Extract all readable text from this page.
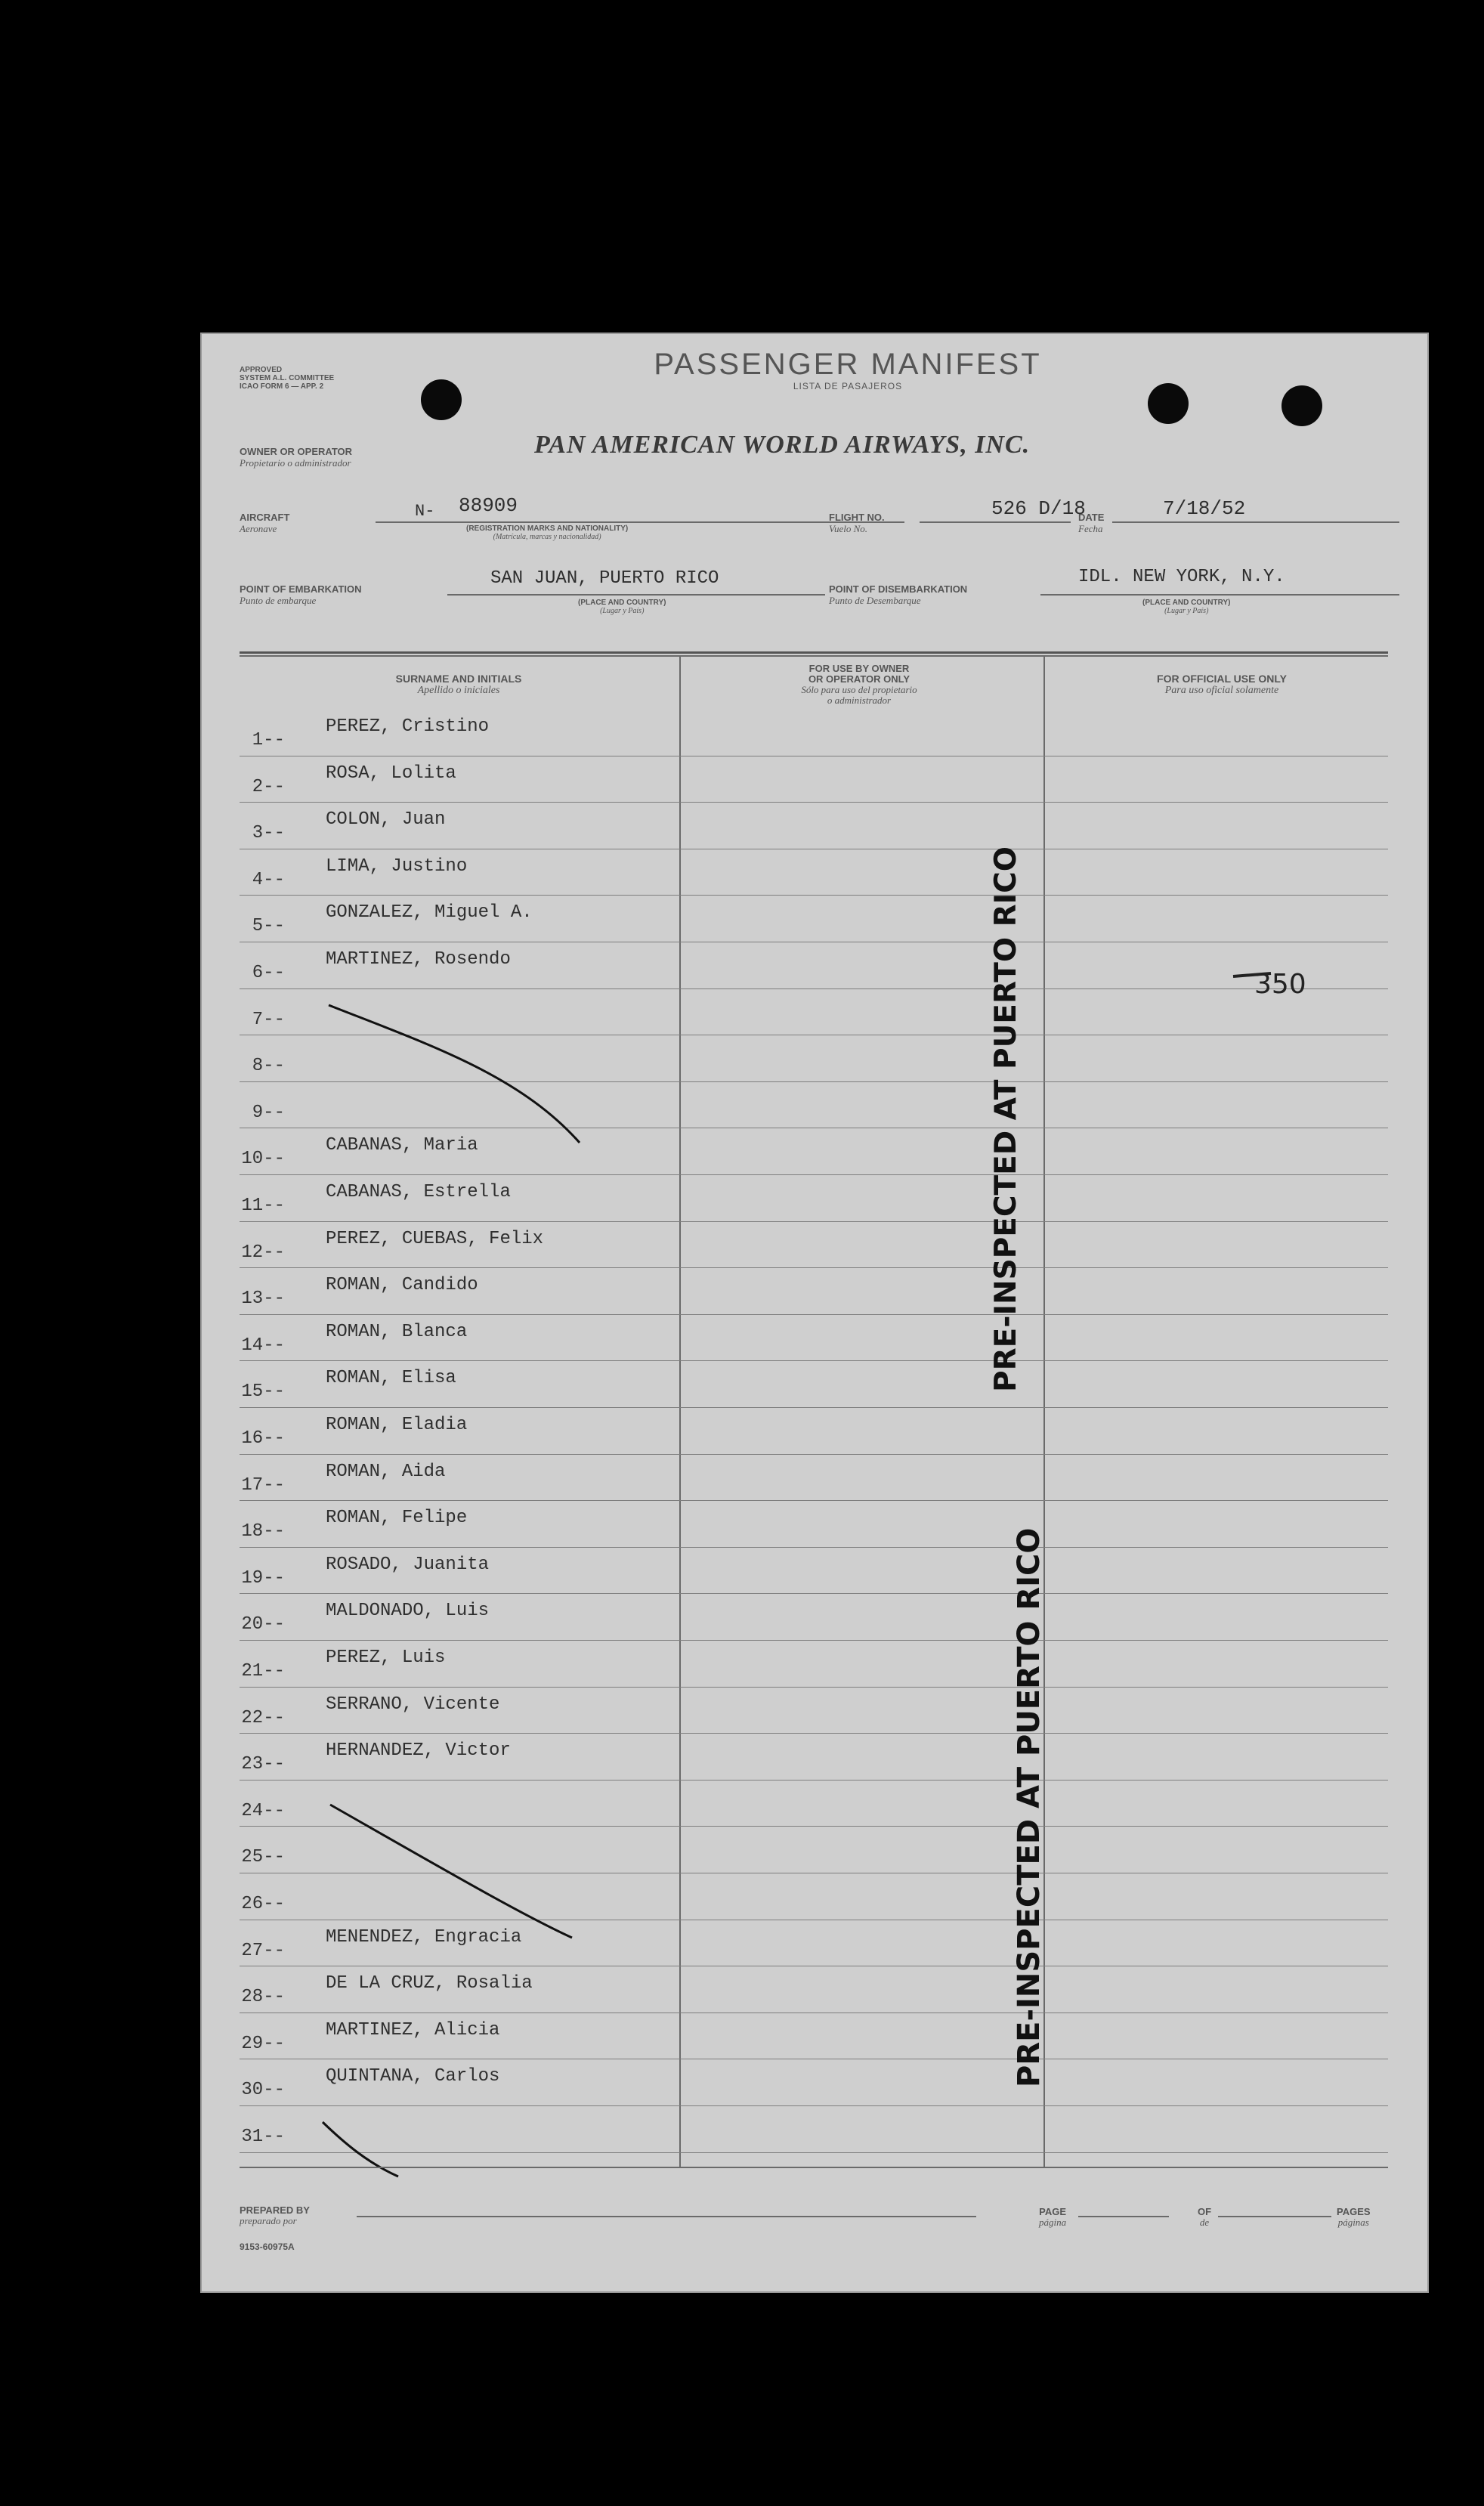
APPROVED
SYSTEM A.L. COMMITTEE
ICAO FORM 6 — APP. 2
PASSENGER MANIFEST
LISTA DE PASAJEROS
OWNER OR OPERATOR
Propietario o administrador
PAN AMERICAN WORLD AIRWAYS, INC.
AIRCRAFT
Aeronave
N- 88909
(REGISTRATION MARKS AND NATIONALITY)
(Matrícula, marcas y nacionalidad)
FLIGHT NO.
Vuelo No.
526 D/18
DATE
Fecha
7/18/52
POINT OF EMBARKATION
Punto de embarque
SAN JUAN, PUERTO RICO
(PLACE AND COUNTRY)
(Lugar y País)
POINT OF DISEMBARKATION
Punto de Desembarque
IDL. NEW YORK, N.Y.
(PLACE AND COUNTRY)
(Lugar y País)
SURNAME AND INITIALS
Apellido o iniciales
FOR USE BY OWNER
OR OPERATOR ONLY
Sólo para uso del propietario
o administrador
FOR OFFICIAL USE ONLY
Para uso oficial solamente
1--
PEREZ, Cristino
2--
ROSA, Lolita
3--
COLON, Juan
4--
LIMA, Justino
5--
GONZALEZ, Miguel A.
6--
MARTINEZ, Rosendo
7--
8--
9--
10--
CABANAS, Maria
11--
CABANAS, Estrella
12--
PEREZ, CUEBAS, Felix
13--
ROMAN, Candido
14--
ROMAN, Blanca
15--
ROMAN, Elisa
16--
ROMAN, Eladia
17--
ROMAN, Aida
18--
ROMAN, Felipe
19--
ROSADO, Juanita
20--
MALDONADO, Luis
21--
PEREZ, Luis
22--
SERRANO, Vicente
23--
HERNANDEZ, Victor
24--
25--
26--
27--
MENENDEZ, Engracia
28--
DE LA CRUZ, Rosalia
29--
MARTINEZ, Alicia
30--
QUINTANA, Carlos
31--
350
PRE-INSPECTED AT PUERTO RICO
PRE-INSPECTED AT PUERTO RICO
PREPARED BY
preparado por
PAGE
página
OF
de
PAGES
páginas
9153-60975A
